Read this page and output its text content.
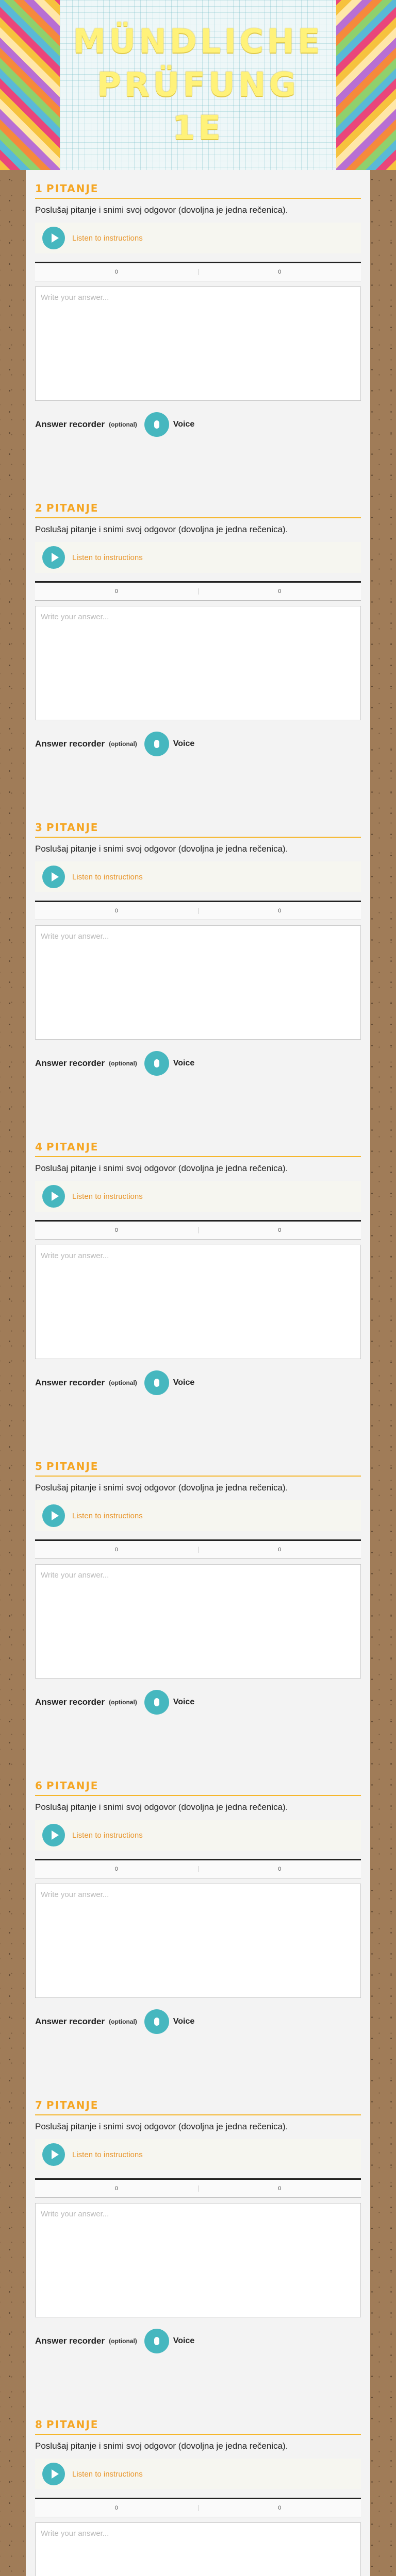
MÜNDLICHE PRÜFUNG 1E
1 PITANJE
Poslušaj pitanje i snimi svoj odgovor (dovoljna je jedna rečenica).
Listen to instructions
0	0
Write your answer...
Answer recorder (optional)	Voice
2 PITANJE
Poslušaj pitanje i snimi svoj odgovor (dovoljna je jedna rečenica).
Listen to instructions
0	0
Write your answer...
Answer recorder (optional)	Voice
3 PITANJE
Poslušaj pitanje i snimi svoj odgovor (dovoljna je jedna rečenica).
Listen to instructions
0	0
Write your answer...
Answer recorder (optional)	Voice
4 PITANJE
Poslušaj pitanje i snimi svoj odgovor (dovoljna je jedna rečenica).
Listen to instructions
0	0
Write your answer...
Answer recorder (optional)	Voice
5 PITANJE
Poslušaj pitanje i snimi svoj odgovor (dovoljna je jedna rečenica).
Listen to instructions
0	0
Write your answer...
Answer recorder (optional)	Voice
6 PITANJE
Poslušaj pitanje i snimi svoj odgovor (dovoljna je jedna rečenica).
Listen to instructions
0	0
Write your answer...
Answer recorder (optional)	Voice
7 PITANJE
Poslušaj pitanje i snimi svoj odgovor (dovoljna je jedna rečenica).
Listen to instructions
0	0
Write your answer...
Answer recorder (optional)	Voice
8 PITANJE
Poslušaj pitanje i snimi svoj odgovor (dovoljna je jedna rečenica).
Listen to instructions
0	0
Write your answer...
